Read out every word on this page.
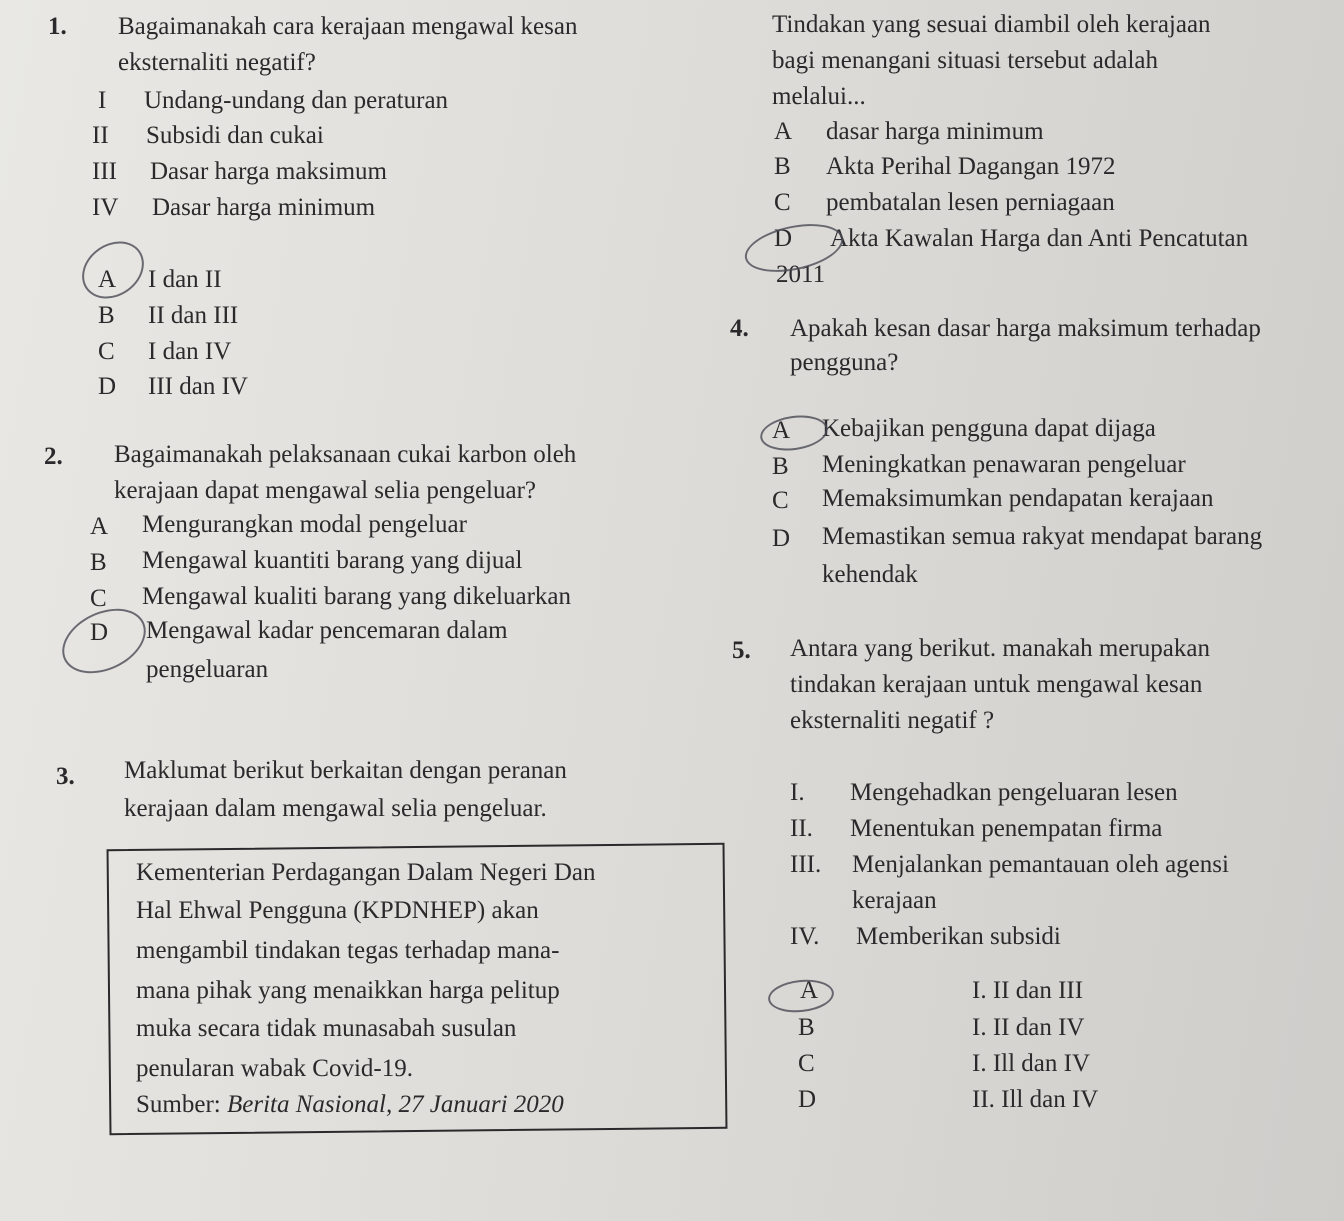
1. Bagaimanakah cara kerajaan mengawal kesan
eksternaliti negatif?
I Undang-undang dan peraturan
II Subsidi dan cukai
III Dasar harga maksimum
IV Dasar harga minimum
A I dan II
B II dan III
C I dan IV
D III dan IV
2. Bagaimanakah pelaksanaan cukai karbon oleh
kerajaan dapat mengawal selia pengeluar?
A Mengurangkan modal pengeluar
B Mengawal kuantiti barang yang dijual
C Mengawal kualiti barang yang dikeluarkan
D Mengawal kadar pencemaran dalam
pengeluaran
3. Maklumat berikut berkaitan dengan peranan
kerajaan dalam mengawal selia pengeluar.
Kementerian Perdagangan Dalam Negeri Dan
Hal Ehwal Pengguna (KPDNHEP) akan
mengambil tindakan tegas terhadap mana-
mana pihak yang menaikkan harga pelitup
muka secara tidak munasabah susulan
penularan wabak Covid-19.
Sumber: Berita Nasional, 27 Januari 2020
Tindakan yang sesuai diambil oleh kerajaan
bagi menangani situasi tersebut adalah
melalui...
A dasar harga minimum
B Akta Perihal Dagangan 1972
C pembatalan lesen perniagaan
D Akta Kawalan Harga dan Anti Pencatutan
2011
4. Apakah kesan dasar harga maksimum terhadap
pengguna?
A Kebajikan pengguna dapat dijaga
B Meningkatkan penawaran pengeluar
C Memaksimumkan pendapatan kerajaan
D Memastikan semua rakyat mendapat barang
kehendak
5. Antara yang berikut. manakah merupakan
tindakan kerajaan untuk mengawal kesan
eksternaliti negatif ?
I. Mengehadkan pengeluaran lesen
II. Menentukan penempatan firma
III. Menjalankan pemantauan oleh agensi
kerajaan
IV. Memberikan subsidi
A	I. II dan III
B	I. II dan IV
C	I. Ill dan IV
D	II. Ill dan IV
